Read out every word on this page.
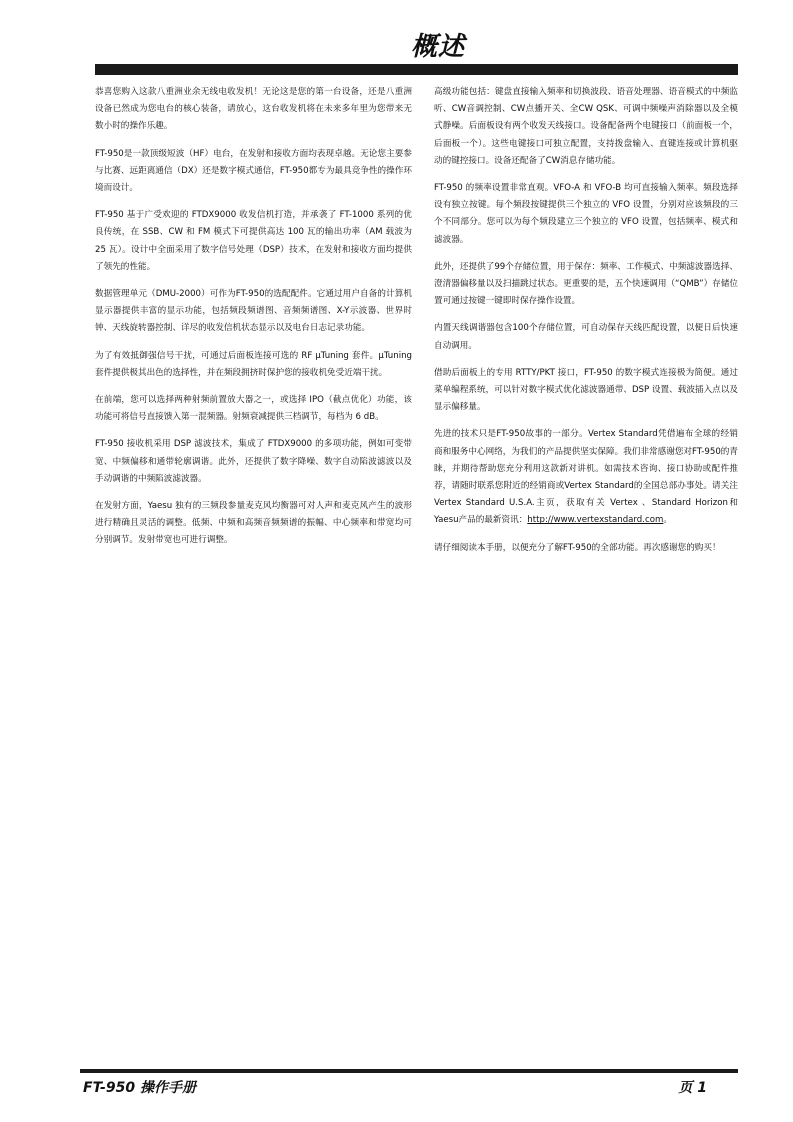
概述

恭喜您购入这款八重洲业余无线电收发机！无论这是您的第一台设备，还是八重洲设备已然成为您电台的核心装备，请放心，这台收发机将在未来多年里为您带来无数小时的操作乐趣。

FT-950是一款顶级短波（HF）电台，在发射和接收方面均表现卓越。无论您主要参与比赛、远距离通信（DX）还是数字模式通信，FT-950都专为最具竞争性的操作环境而设计。

FT-950 基于广受欢迎的 FTDX9000 收发信机打造，并承袭了 FT-1000 系列的优良传统，在 SSB、CW 和 FM 模式下可提供高达 100 瓦的输出功率（AM 载波为 25 瓦）。设计中全面采用了数字信号处理（DSP）技术，在发射和接收方面均提供了领先的性能。

数据管理单元（DMU-2000）可作为FT-950的选配配件。它通过用户自备的计算机显示器提供丰富的显示功能，包括频段频谱图、音频频谱图、X-Y示波器、世界时钟、天线旋转器控制、详尽的收发信机状态显示以及电台日志记录功能。

为了有效抵御强信号干扰，可通过后面板连接可选的 RF μTuning 套件。μTuning 套件提供极其出色的选择性，并在频段拥挤时保护您的接收机免受近端干扰。

在前端，您可以选择两种射频前置放大器之一，或选择 IPO（截点优化）功能，该功能可将信号直接馈入第一混频器。射频衰减提供三档调节，每档为 6 dB。

FT-950 接收机采用 DSP 滤波技术，集成了 FTDX9000 的多项功能，例如可变带宽、中频偏移和通带轮廓调谐。此外，还提供了数字降噪、数字自动陷波滤波以及手动调谐的中频陷波滤波器。

在发射方面，Yaesu 独有的三频段参量麦克风均衡器可对人声和麦克风产生的波形进行精确且灵活的调整。低频、中频和高频音频频谱的振幅、中心频率和带宽均可分别调节。发射带宽也可进行调整。

高级功能包括：键盘直接输入频率和切换波段、语音处理器、语音模式的中频监听、CW音调控制、CW点播开关、全CW QSK、可调中频噪声消除器以及全模式静噪。后面板设有两个收发天线接口。设备配备两个电键接口（前面板一个，后面板一个）。这些电键接口可独立配置，支持拨盘输入、直键连接或计算机驱动的键控接口。设备还配备了CW消息存储功能。

FT-950 的频率设置非常直观。VFO-A 和 VFO-B 均可直接输入频率。频段选择设有独立按键。每个频段按键提供三个独立的 VFO 设置，分别对应该频段的三个不同部分。您可以为每个频段建立三个独立的 VFO 设置，包括频率、模式和滤波器。

此外，还提供了99个存储位置，用于保存：频率、工作模式、中频滤波器选择、澄清器偏移量以及扫描跳过状态。更重要的是，五个快速调用（“QMB”）存储位置可通过按键一键即时保存操作设置。

内置天线调谐器包含100个存储位置，可自动保存天线匹配设置，以便日后快速自动调用。

借助后面板上的专用 RTTY/PKT 接口，FT-950 的数字模式连接极为简便。通过菜单编程系统，可以针对数字模式优化滤波器通带、DSP 设置、载波插入点以及显示偏移量。

先进的技术只是FT-950故事的一部分。Vertex Standard凭借遍布全球的经销商和服务中心网络，为我们的产品提供坚实保障。我们非常感谢您对FT-950的青睐，并期待帮助您充分利用这款新对讲机。如需技术咨询、接口协助或配件推荐，请随时联系您附近的经销商或Vertex Standard的全国总部办事处。请关注 Vertex Standard U.S.A.主页，获取有关 Vertex 、Standard Horizon和Yaesu产品的最新资讯：http://www.vertexstandard.com。

请仔细阅读本手册，以便充分了解FT-950的全部功能。再次感谢您的购买！

FT-950 操作手册	页 1
